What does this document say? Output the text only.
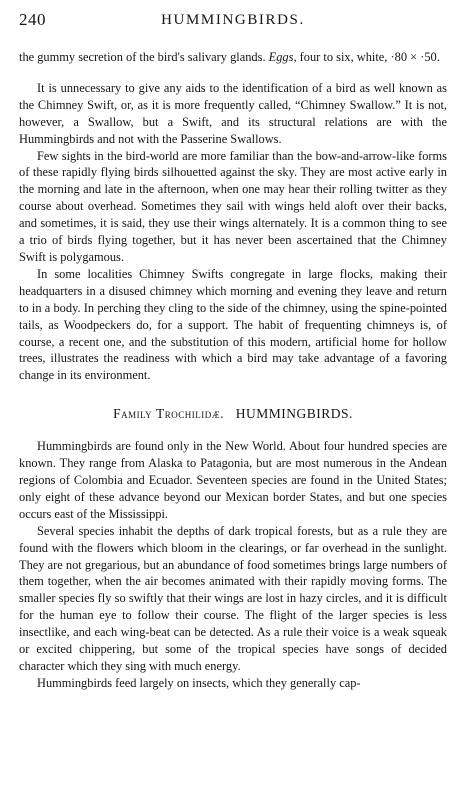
240	HUMMINGBIRDS.

the gummy secretion of the bird's salivary glands. Eggs, four to six, white, ·80 × ·50.

It is unnecessary to give any aids to the identification of a bird as well known as the Chimney Swift, or, as it is more frequently called, “Chimney Swallow.” It is not, however, a Swallow, but a Swift, and its structural relations are with the Hummingbirds and not with the Passerine Swallows.

Few sights in the bird-world are more familiar than the bow-and-arrow-like forms of these rapidly flying birds silhouetted against the sky. They are most active early in the morning and late in the afternoon, when one may hear their rolling twitter as they course about overhead. Sometimes they sail with wings held aloft over their backs, and sometimes, it is said, they use their wings alternately. It is a common thing to see a trio of birds flying together, but it has never been ascertained that the Chimney Swift is polygamous.

In some localities Chimney Swifts congregate in large flocks, making their headquarters in a disused chimney which morning and evening they leave and return to in a body. In perching they cling to the side of the chimney, using the spine-pointed tails, as Woodpeckers do, for a support. The habit of frequenting chimneys is, of course, a recent one, and the substitution of this modern, artificial home for hollow trees, illustrates the readiness with which a bird may take advantage of a favoring change in its environment.

Family Trochilidæ. HUMMINGBIRDS.

Hummingbirds are found only in the New World. About four hundred species are known. They range from Alaska to Patagonia, but are most numerous in the Andean regions of Colombia and Ecuador. Seventeen species are found in the United States; only eight of these advance beyond our Mexican border States, and but one species occurs east of the Mississippi.

Several species inhabit the depths of dark tropical forests, but as a rule they are found with the flowers which bloom in the clearings, or far overhead in the sunlight. They are not gregarious, but an abundance of food sometimes brings large numbers of them together, when the air becomes animated with their rapidly moving forms. The smaller species fly so swiftly that their wings are lost in hazy circles, and it is difficult for the human eye to follow their course. The flight of the larger species is less insectlike, and each wing-beat can be detected. As a rule their voice is a weak squeak or excited chippering, but some of the tropical species have songs of decided character which they sing with much energy.

Hummingbirds feed largely on insects, which they generally cap-
